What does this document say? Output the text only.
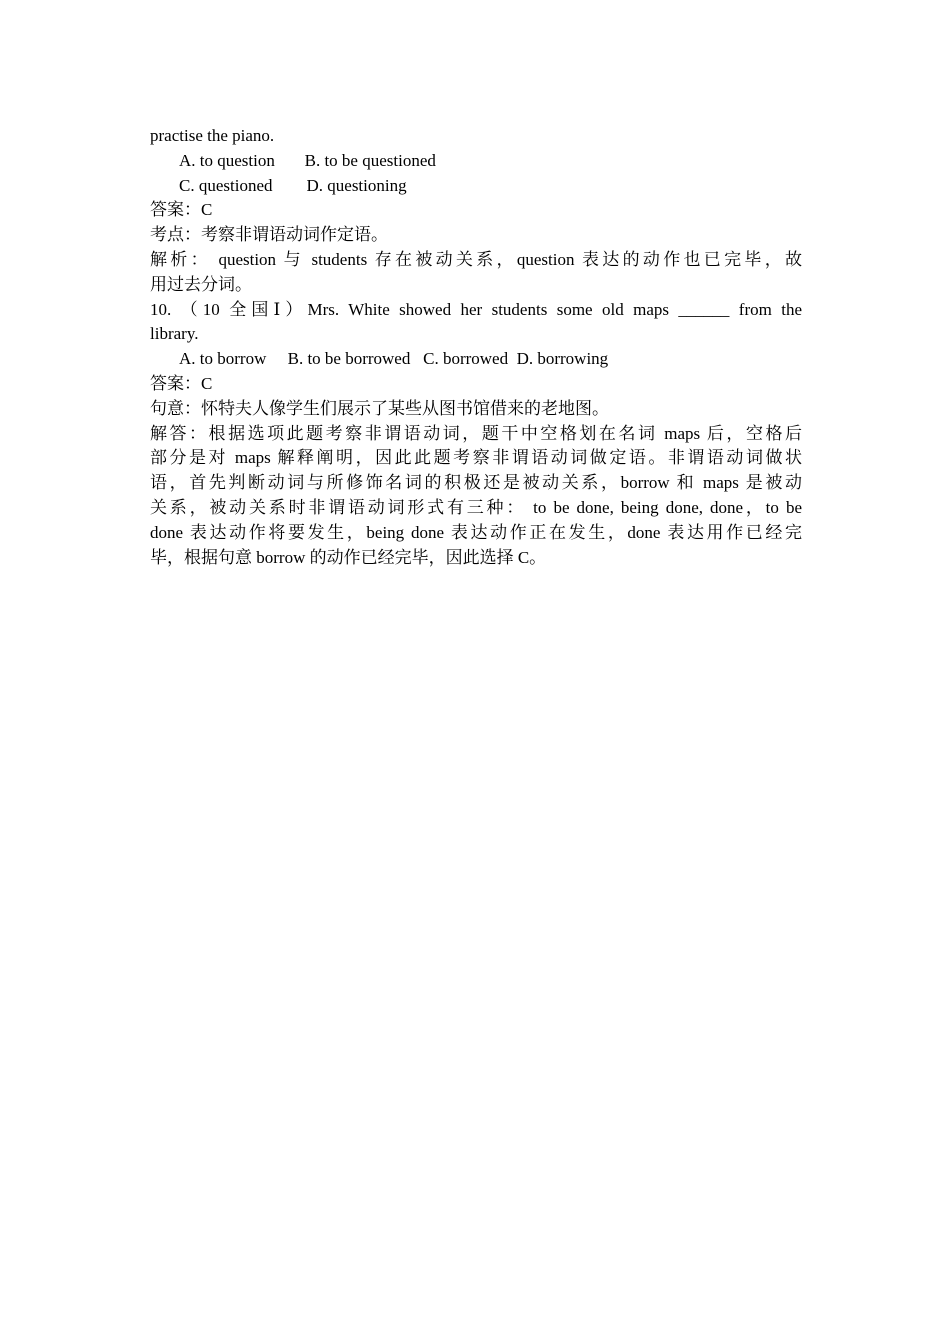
practise the piano.
A. to question       B. to be questioned
C. questioned        D. questioning
答案：C
考点：考察非谓语动词作定语。
解析： question 与 students 存在被动关系，question 表达的动作也已完毕，故
用过去分词。
10. （10 全国Ⅰ）Mrs. White showed her students some old maps ______ from the
library.
A. to borrow     B. to be borrowed   C. borrowed  D. borrowing
答案：C
句意：怀特夫人像学生们展示了某些从图书馆借来的老地图。
解答：根据选项此题考察非谓语动词，题干中空格划在名词 maps 后，空格后
部分是对 maps 解释阐明，因此此题考察非谓语动词做定语。非谓语动词做状
语，首先判断动词与所修饰名词的积极还是被动关系，borrow 和 maps 是被动
关系，被动关系时非谓语动词形式有三种： to be done, being done, done，to be
done 表达动作将要发生，being done 表达动作正在发生，done 表达用作已经完
毕，根据句意 borrow 的动作已经完毕，因此选择 C。
